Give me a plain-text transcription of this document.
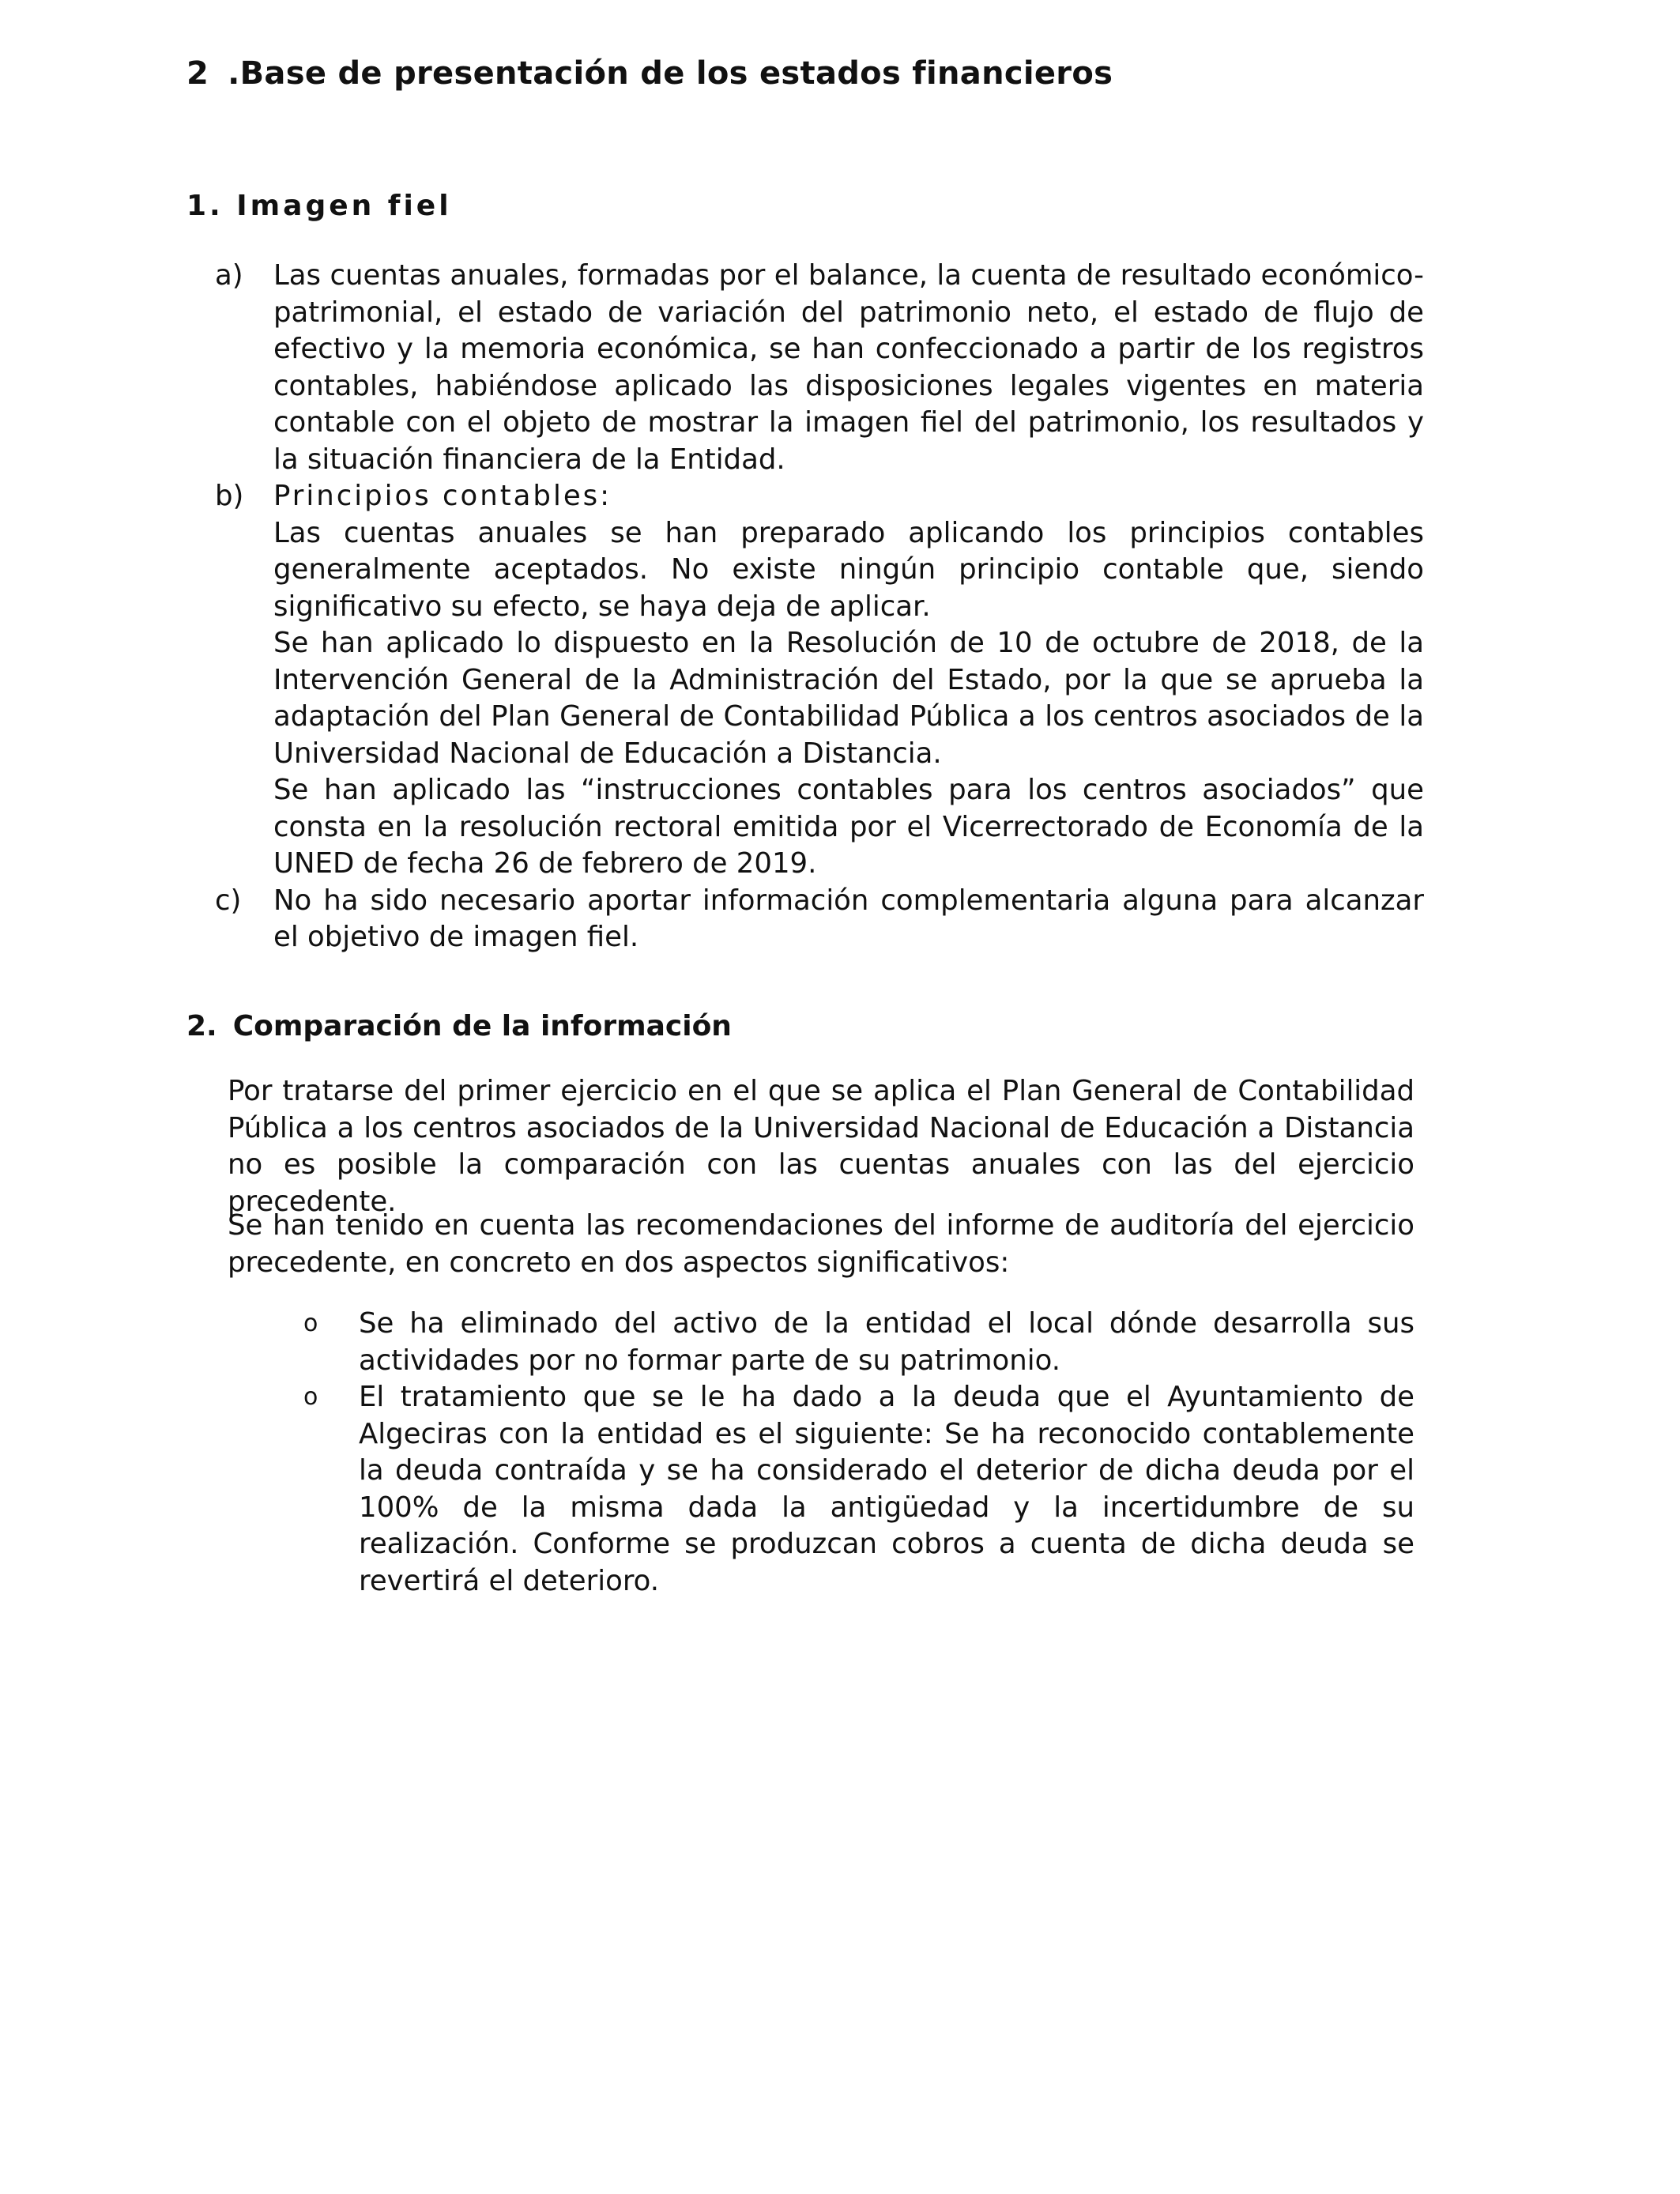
2 .Base de presentación de los estados financieros
1. Imagen fiel
a) Las cuentas anuales, formadas por el balance, la cuenta de resultado económico-patrimonial, el estado de variación del patrimonio neto, el estado de flujo de efectivo y la memoria económica, se han confeccionado a partir de los registros contables, habiéndose aplicado las disposiciones legales vigentes en materia contable con el objeto de mostrar la imagen fiel del patrimonio, los resultados y la situación financiera de la Entidad.
b) Principios contables:
Las cuentas anuales se han preparado aplicando los principios contables generalmente aceptados. No existe ningún principio contable que, siendo significativo su efecto, se haya deja de aplicar.
Se han aplicado lo dispuesto en la Resolución de 10 de octubre de 2018, de la Intervención General de la Administración del Estado, por la que se aprueba la adaptación del Plan General de Contabilidad Pública a los centros asociados de la Universidad Nacional de Educación a Distancia.
Se han aplicado las “instrucciones contables para los centros asociados” que consta en la resolución rectoral emitida por el Vicerrectorado de Economía de la UNED de fecha 26 de febrero de 2019.
c) No ha sido necesario aportar información complementaria alguna para alcanzar el objetivo de imagen fiel.
2. Comparación de la información
Por tratarse del primer ejercicio en el que se aplica el Plan General de Contabilidad Pública a los centros asociados de la Universidad Nacional de Educación a Distancia no es posible la comparación con las cuentas anuales con las del ejercicio precedente.
Se han tenido en cuenta las recomendaciones del informe de auditoría del ejercicio precedente, en concreto en dos aspectos significativos:
o Se ha eliminado del activo de la entidad el local dónde desarrolla sus actividades por no formar parte de su patrimonio.
o El tratamiento que se le ha dado a la deuda que el Ayuntamiento de Algeciras con la entidad es el siguiente: Se ha reconocido contablemente la deuda contraída y se ha considerado el deterior de dicha deuda por el 100% de la misma dada la antigüedad y la incertidumbre de su realización. Conforme se produzcan cobros a cuenta de dicha deuda se revertirá el deterioro.
